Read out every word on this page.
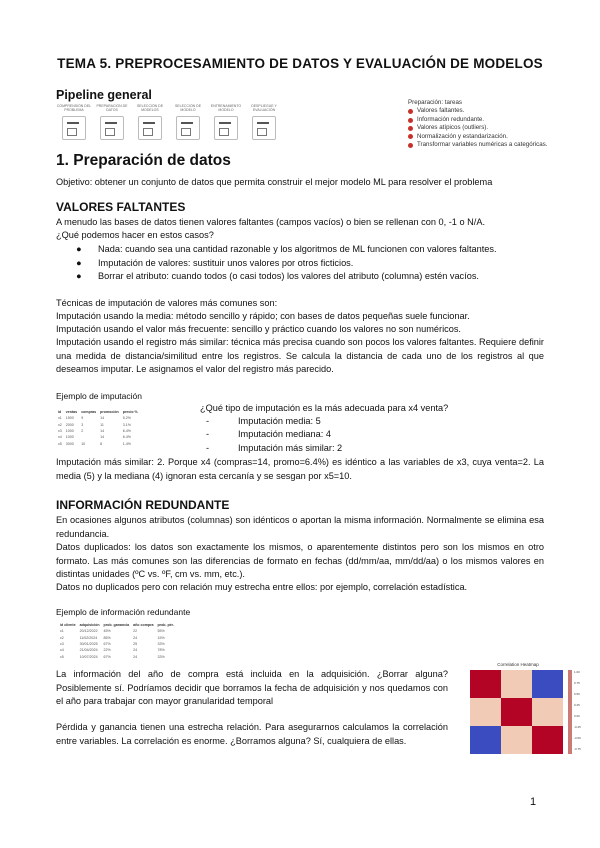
TEMA 5. PREPROCESAMIENTO DE DATOS Y EVALUACIÓN DE MODELOS
Pipeline general
COMPRENSIÓN DEL PROBLEMA
PREPARACIÓN DE DATOS
SELECCIÓN DE MODELOS
SELECCIÓN DE MODELO
ENTRENAMIENTO MODELO
DESPLIEGUE Y EVALUACIÓN
Preparación: tareas
Valores faltantes.
Información redundante.
Valores atípicos (outliers).
Normalización y estandarización.
Transformar variables numéricas a categóricas.
1. Preparación de datos
Objetivo: obtener un conjunto de datos que permita construir el mejor modelo ML para resolver el problema
VALORES FALTANTES
A menudo las bases de datos tienen valores faltantes (campos vacíos) o bien se rellenan con 0, -1 o N/A.
¿Qué podemos hacer en estos casos?
●	Nada: cuando sea una cantidad razonable y los algoritmos de ML funcionen con valores faltantes.
●	Imputación de valores: sustituir unos valores por otros ficticios.
●	Borrar el atributo: cuando todos (o casi todos) los valores del atributo (columna) estén vacíos.
Técnicas de imputación de valores más comunes son:
Imputación usando la media: método sencillo y rápido; con bases de datos pequeñas suele funcionar.
Imputación usando el valor más frecuente: sencillo y práctico cuando los valores no son numéricos.
Imputación usando el registro más similar: técnica más precisa cuando son pocos los valores faltantes. Requiere definir una medida de distancia/similitud entre los registros. Se calcula la distancia de cada uno de los registros al que deseamos imputar. Le asignamos el valor del registro más parecido.
Ejemplo de imputación
id	ventas	compras	promoción	precio %
x1	1500	9	14	5.2%
x2	2000	3	11	3.1%
x3	1000	2	14	6.4%
x4	1000		14	6.4%
x5	3000	10	8	1.4%
¿Qué tipo de imputación es la más adecuada para x4 venta?
-	Imputación media: 5
-	Imputación mediana: 4
-	Imputación más similar: 2
Imputación más similar: 2. Porque x4 (compras=14, promo=6.4%) es idéntico a las variables de x3, cuya venta=2. La media (5) y la mediana (4) ignoran esta cercanía y se sesgan por x5=10.
INFORMACIÓN REDUNDANTE
En ocasiones algunos atributos (columnas) son idénticos o aportan la misma información. Normalmente se elimina esa redundancia.
Datos duplicados: los datos son exactamente los mismos, o aparentemente distintos pero son los mismos en otro formato. Las más comunes son las diferencias de formato en fechas (dd/mm/aa, mm/dd/aa) o los mismos valores en distintas unidades (ºC vs. ºF, cm vs. mm, etc.).
Datos no duplicados pero con relación muy estrecha entre ellos: por ejemplo, correlación estadística.
Ejemplo de información redundante
id cliente	adquisición	prob. ganancia	año compra	prob. pér.
c1	20/12/2022	45%	22	55%
c2	11/02/2024	85%	24	15%
c3	30/01/2025	67%	25	33%
c4	21/04/2024	22%	24	78%
c5	10/07/2024	67%	24	33%
La información del año de compra está incluida en la adquisición. ¿Borrar alguna? Posiblemente sí. Podríamos decidir que borramos la fecha de adquisición y nos quedamos con el año para trabajar con mayor granularidad temporal
Pérdida y ganancia tienen una estrecha relación. Para asegurarnos calculamos la correlación entre variables. La correlación es enorme. ¿Borramos alguna? Sí, cualquiera de ellas.
Correlation Heatmap
1.00
0.75
0.50
0.25
0.00
-0.25
-0.50
-0.75
1
